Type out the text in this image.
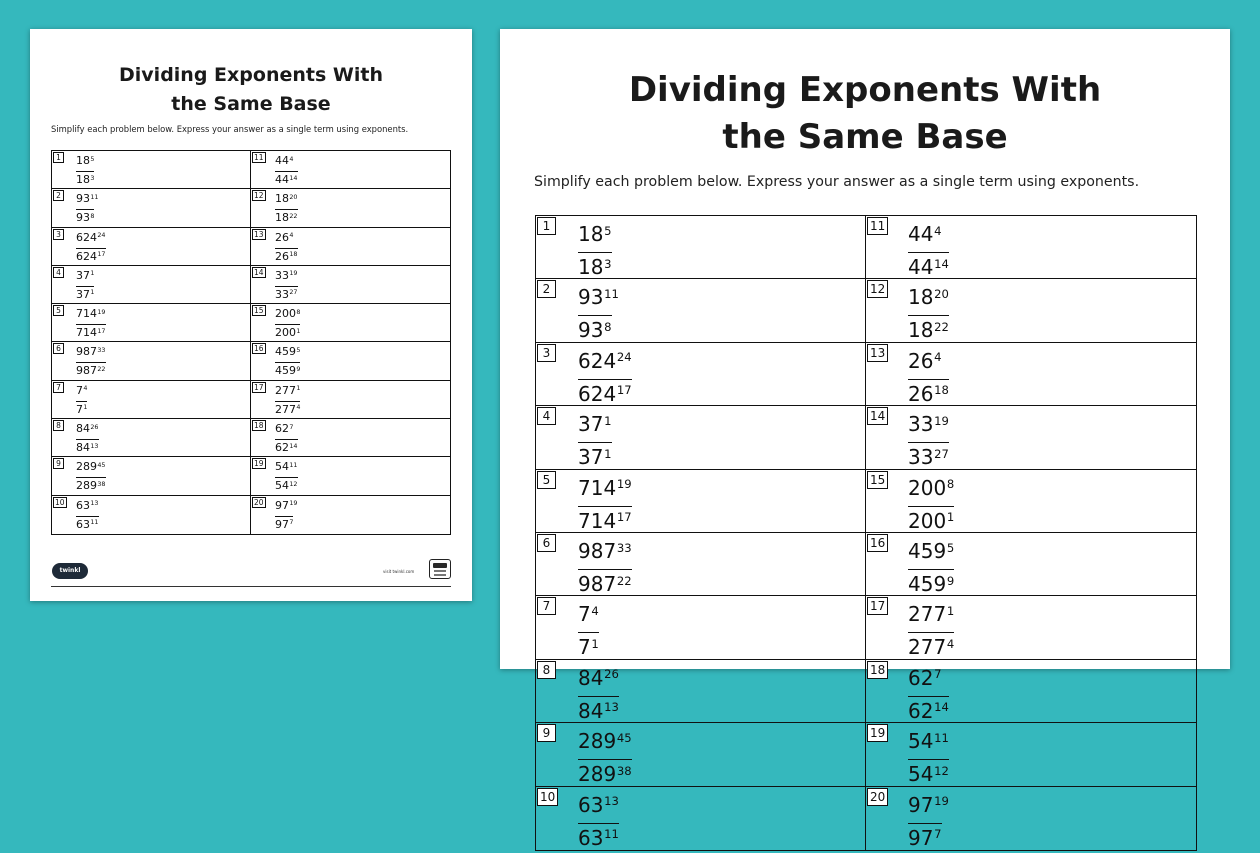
Dividing Exponents With
the Same Base
Simplify each problem below. Express your answer as a single term using exponents.
$1 \frac{18^5}{18^3}$
$2 \frac{93^{11}}{93^8}$
$3 \frac{624^{24}}{624^{17}}$
$4 \frac{37^1}{37^1}$
$5 \frac{714^{19}}{714^{17}}$
$6 \frac{987^{33}}{987^{22}}$
$7 \frac{7^4}{7^1}$
$8 \frac{84^{26}}{84^{13}}$
$9 \frac{289^{45}}{289^{38}}$
$10 \frac{63^{13}}{63^{11}}$
$11 \frac{44^4}{44^{14}}$
$12 \frac{18^{20}}{18^{22}}$
$13 \frac{26^4}{26^{18}}$
$14 \frac{33^{19}}{33^{27}}$
$15 \frac{200^8}{200^1}$
$16 \frac{459^5}{459^9}$
$17 \frac{277^1}{277^4}$
$18 \frac{62^7}{62^{14}}$
$19 \frac{54^{11}}{54^{12}}$
$20 \frac{97^{19}}{97^7}$
twinkl	visit twinkl.com
Dividing Exponents With
the Same Base
Simplify each problem below. Express your answer as a single term using exponents.
$1 \frac{18^5}{18^3}$
$2 \frac{93^{11}}{93^8}$
$3 \frac{624^{24}}{624^{17}}$
$4 \frac{37^1}{37^1}$
$5 \frac{714^{19}}{714^{17}}$
$6 \frac{987^{33}}{987^{22}}$
$7 \frac{7^4}{7^1}$
$8 \frac{84^{26}}{84^{13}}$
$9 \frac{289^{45}}{289^{38}}$
$10 \frac{63^{13}}{63^{11}}$
$11 \frac{44^4}{44^{14}}$
$12 \frac{18^{20}}{18^{22}}$
$13 \frac{26^4}{26^{18}}$
$14 \frac{33^{19}}{33^{27}}$
$15 \frac{200^8}{200^1}$
$16 \frac{459^5}{459^9}$
$17 \frac{277^1}{277^4}$
$18 \frac{62^7}{62^{14}}$
$19 \frac{54^{11}}{54^{12}}$
$20 \frac{97^{19}}{97^7}$
